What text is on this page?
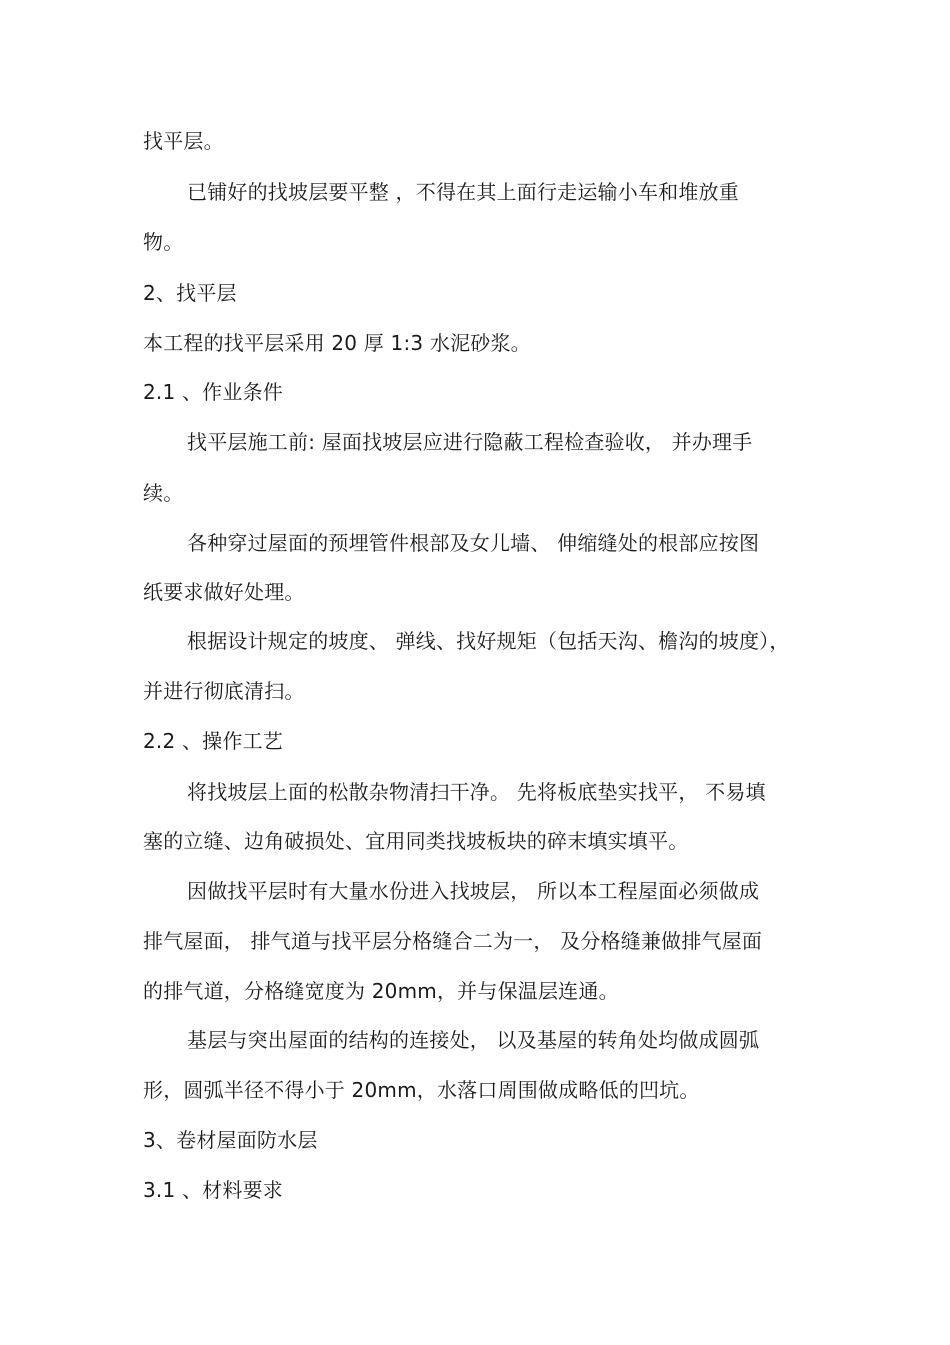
找平层。
已铺好的找坡层要平整 ，不得在其上面行走运输小车和堆放重
物。
2、找平层
本工程的找平层采用 20 厚 1:3 水泥砂浆。
2.1 、作业条件
找平层施工前: 屋面找坡层应进行隐蔽工程检查验收， 并办理手
续。
各种穿过屋面的预埋管件根部及女儿墙、 伸缩缝处的根部应按图
纸要求做好处理。
根据设计规定的坡度、 弹线、找好规矩（包括天沟、檐沟的坡度），
并进行彻底清扫。
2.2 、操作工艺
将找坡层上面的松散杂物清扫干净。 先将板底垫实找平， 不易填
塞的立缝、边角破损处、宜用同类找坡板块的碎末填实填平。
因做找平层时有大量水份进入找坡层， 所以本工程屋面必须做成
排气屋面， 排气道与找平层分格缝合二为一， 及分格缝兼做排气屋面
的排气道，分格缝宽度为 20mm，并与保温层连通。
基层与突出屋面的结构的连接处， 以及基屋的转角处均做成圆弧
形，圆弧半径不得小于 20mm，水落口周围做成略低的凹坑。
3、卷材屋面防水层
3.1 、材料要求
